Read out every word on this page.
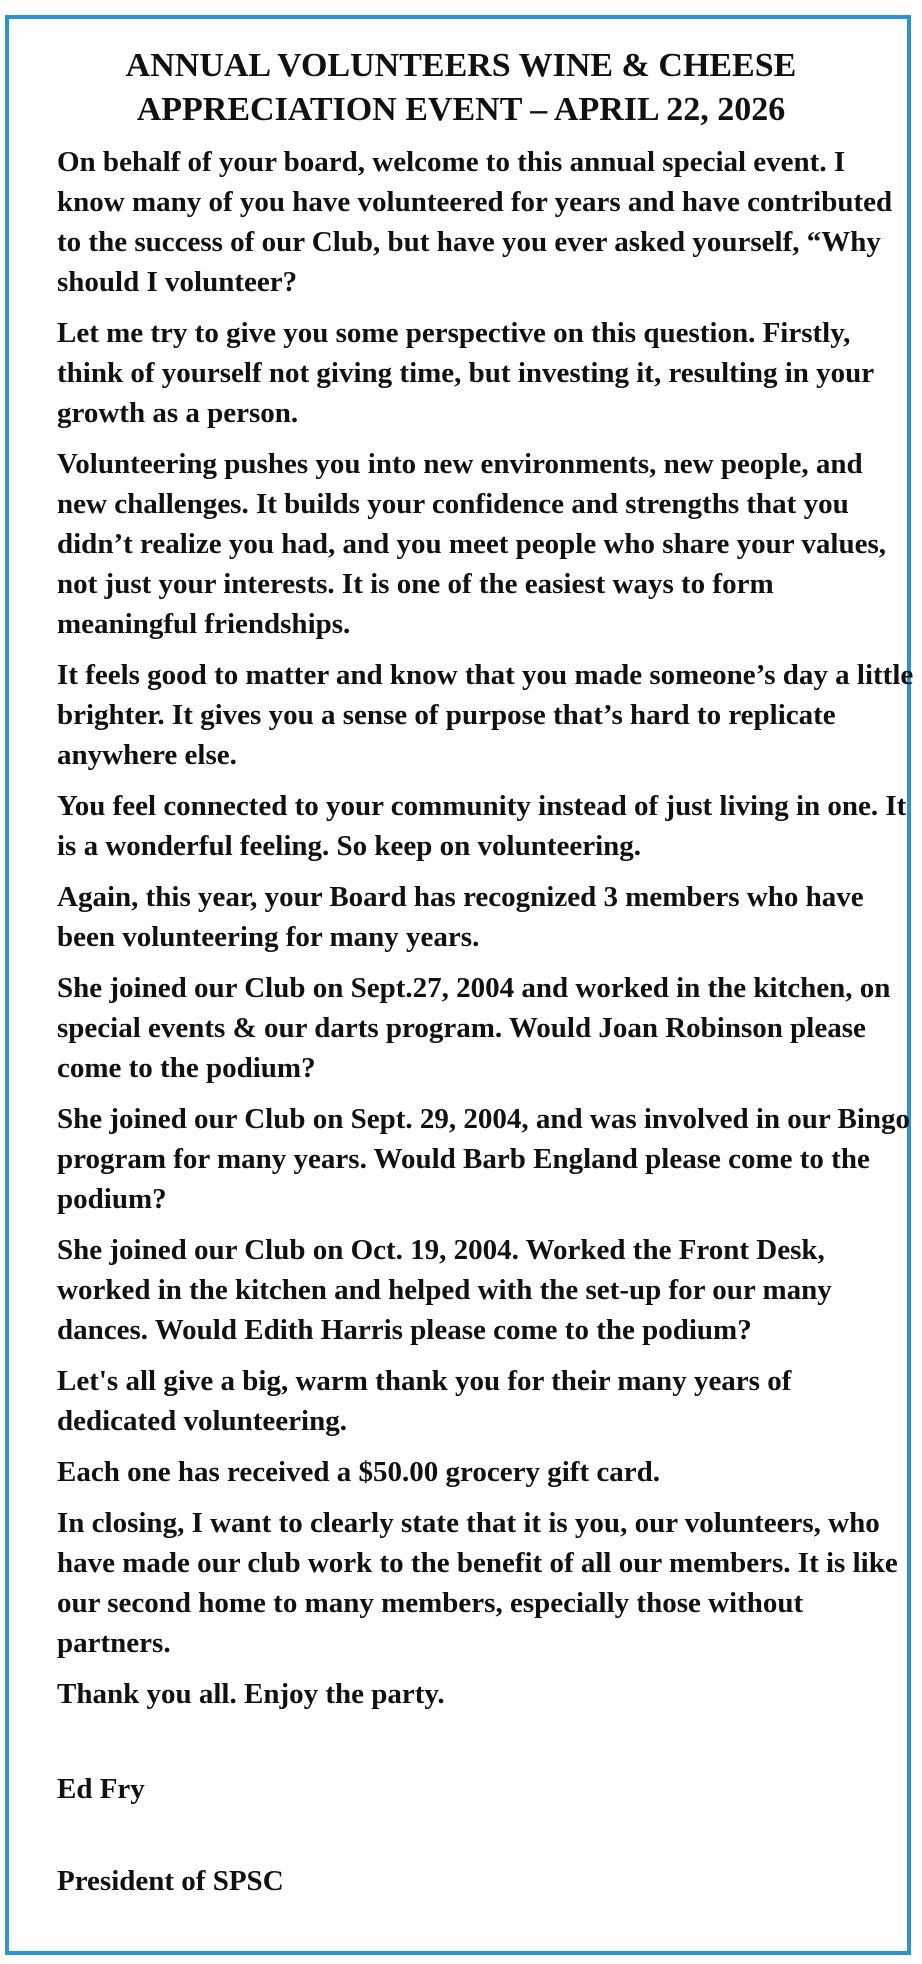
ANNUAL VOLUNTEERS WINE & CHEESE
APPRECIATION EVENT – APRIL 22, 2026

On behalf of your board, welcome to this annual special event. I know many of you have volunteered for years and have contributed to the success of our Club, but have you ever asked yourself, “Why should I volunteer?

Let me try to give you some perspective on this question. Firstly, think of yourself not giving time, but investing it, resulting in your growth as a person.

Volunteering pushes you into new environments, new people, and new challenges. It builds your confidence and strengths that you didn’t realize you had, and you meet people who share your values, not just your interests. It is one of the easiest ways to form meaningful friendships.

It feels good to matter and know that you made someone’s day a little brighter. It gives you a sense of purpose that’s hard to replicate anywhere else.

You feel connected to your community instead of just living in one. It is a wonderful feeling. So keep on volunteering.

Again, this year, your Board has recognized 3 members who have been volunteering for many years.

She joined our Club on Sept.27, 2004 and worked in the kitchen, on special events & our darts program. Would Joan Robinson please come to the podium?

She joined our Club on Sept. 29, 2004, and was involved in our Bingo program for many years. Would Barb England please come to the podium?

She joined our Club on Oct. 19, 2004. Worked the Front Desk, worked in the kitchen and helped with the set-up for our many dances. Would Edith Harris please come to the podium?

Let's all give a big, warm thank you for their many years of dedicated volunteering.

Each one has received a $50.00 grocery gift card.

In closing, I want to clearly state that it is you, our volunteers, who have made our club work to the benefit of all our members. It is like our second home to many members, especially those without partners.

Thank you all. Enjoy the party.

Ed Fry
President of SPSC
